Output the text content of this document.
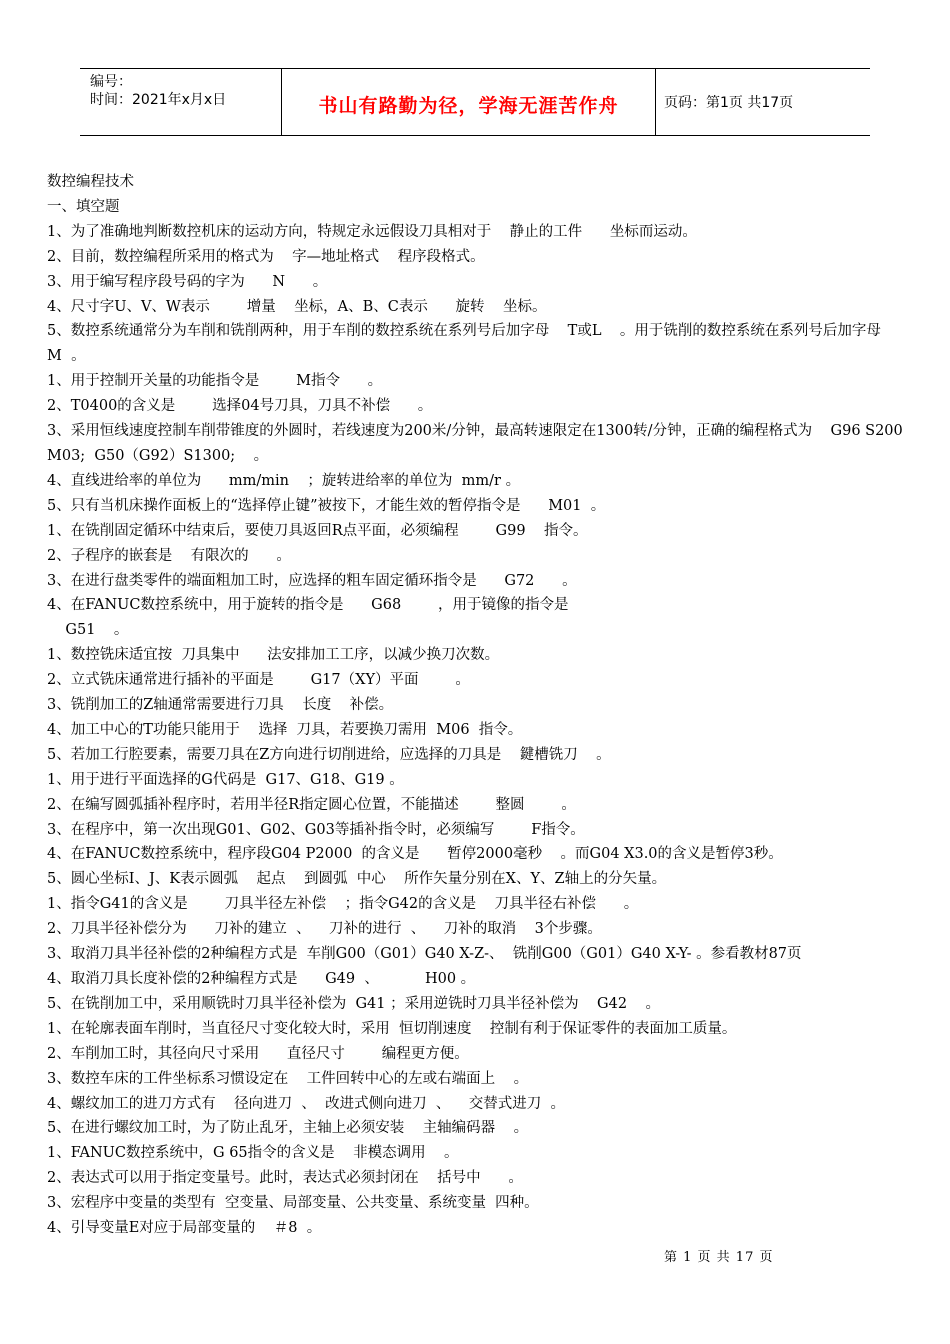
编号：
时间：2021年x月x日	书山有路勤为径，学海无涯苦作舟	页码：第1页 共17页
数控编程技术
一、填空题
1、为了准确地判断数控机床的运动方向，特规定永远假设刀具相对于    静止的工件      坐标而运动。
2、目前，数控编程所采用的格式为    字—地址格式    程序段格式。
3、用于编写程序段号码的字为      N      。
4、尺寸字U、V、W表示        增量    坐标，A、B、C表示      旋转    坐标。
5、数控系统通常分为车削和铣削两种，用于车削的数控系统在系列号后加字母    T或L    。用于铣削的数控系统在系列号后加字母    M  。
1、用于控制开关量的功能指令是        M指令      。
2、T0400的含义是        选择04号刀具，刀具不补偿      。
3、采用恒线速度控制车削带锥度的外圆时，若线速度为200米/分钟，最高转速限定在1300转/分钟，正确的编程格式为    G96 S200 M03;  G50（G92）S1300;    。
4、直线进给率的单位为      mm/min    ；旋转进给率的单位为  mm/r 。
5、只有当机床操作面板上的“选择停止键”被按下，才能生效的暂停指令是      M01  。
1、在铣削固定循环中结束后，要使刀具返回R点平面，必须编程        G99    指令。
2、子程序的嵌套是    有限次的      。
3、在进行盘类零件的端面粗加工时，应选择的粗车固定循环指令是      G72      。
4、在FANUC数控系统中，用于旋转的指令是      G68        ，用于镜像的指令是
G51    。
1、数控铣床适宜按  刀具集中      法安排加工工序，以减少换刀次数。
2、立式铣床通常进行插补的平面是        G17（XY）平面        。
3、铣削加工的Z轴通常需要进行刀具    长度    补偿。
4、加工中心的T功能只能用于    选择  刀具，若要换刀需用  M06  指令。
5、若加工行腔要素，需要刀具在Z方向进行切削进给，应选择的刀具是    鍵槽铣刀    。
1、用于进行平面选择的G代码是  G17、G18、G19 。
2、在编写圆弧插补程序时，若用半径R指定圆心位置，不能描述        整圆        。
3、在程序中，第一次出现G01、G02、G03等插补指令时，必须编写        F指令。
4、在FANUC数控系统中，程序段G04 P2000  的含义是      暂停2000毫秒    。而G04 X3.0的含义是暂停3秒。
5、圆心坐标I、J、K表示圆弧    起点    到圆弧  中心    所作矢量分别在X、Y、Z轴上的分矢量。
1、指令G41的含义是        刀具半径左补偿    ；指令G42的含义是    刀具半径右补偿      。
2、刀具半径补偿分为      刀补的建立  、    刀补的进行  、    刀补的取消    3个步骤。
3、取消刀具半径补偿的2种编程方式是  车削G00（G01）G40 X-Z-、  铣削G00（G01）G40 X-Y- 。参看教材87页
4、取消刀具长度补偿的2种编程方式是      G49  、          H00 。
5、在铣削加工中，采用顺铣时刀具半径补偿为  G41 ；采用逆铣时刀具半径补偿为    G42    。
1、在轮廓表面车削时，当直径尺寸变化较大时，采用  恒切削速度    控制有利于保证零件的表面加工质量。
2、车削加工时，其径向尺寸采用      直径尺寸        编程更方便。
3、数控车床的工件坐标系习惯设定在    工件回转中心的左或右端面上    。
4、螺纹加工的进刀方式有    径向进刀  、  改进式侧向进刀  、    交替式进刀  。
5、在进行螺纹加工时，为了防止乱牙，主轴上必须安装    主轴编码器    。
1、FANUC数控系统中，G 65指令的含义是    非模态调用    。
2、表达式可以用于指定变量号。此时，表达式必须封闭在    括号中      。
3、宏程序中变量的类型有  空变量、局部变量、公共变量、系统变量  四种。
4、引导变量E对应于局部变量的    ＃8  。
第 1 页 共 17 页
